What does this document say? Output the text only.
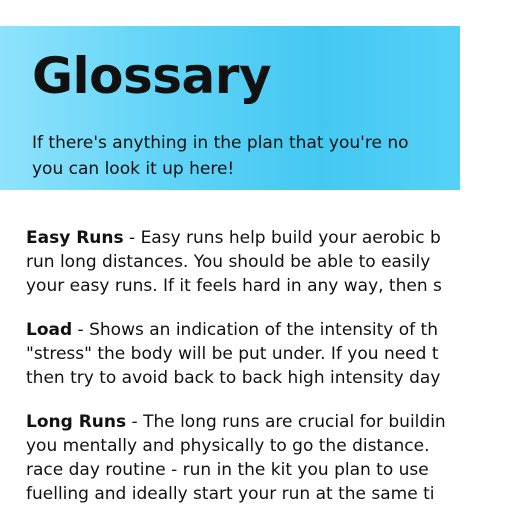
Glossary
If there's anything in the plan that you're no
you can look it up here!

Easy Runs - Easy runs help build your aerobic b
run long distances. You should be able to easily
your easy runs. If it feels hard in any way, then s

Load - Shows an indication of the intensity of th
"stress" the body will be put under. If you need t
then try to avoid back to back high intensity day

Long Runs - The long runs are crucial for buildin
you mentally and physically to go the distance.
race day routine - run in the kit you plan to use
fuelling and ideally start your run at the same ti
